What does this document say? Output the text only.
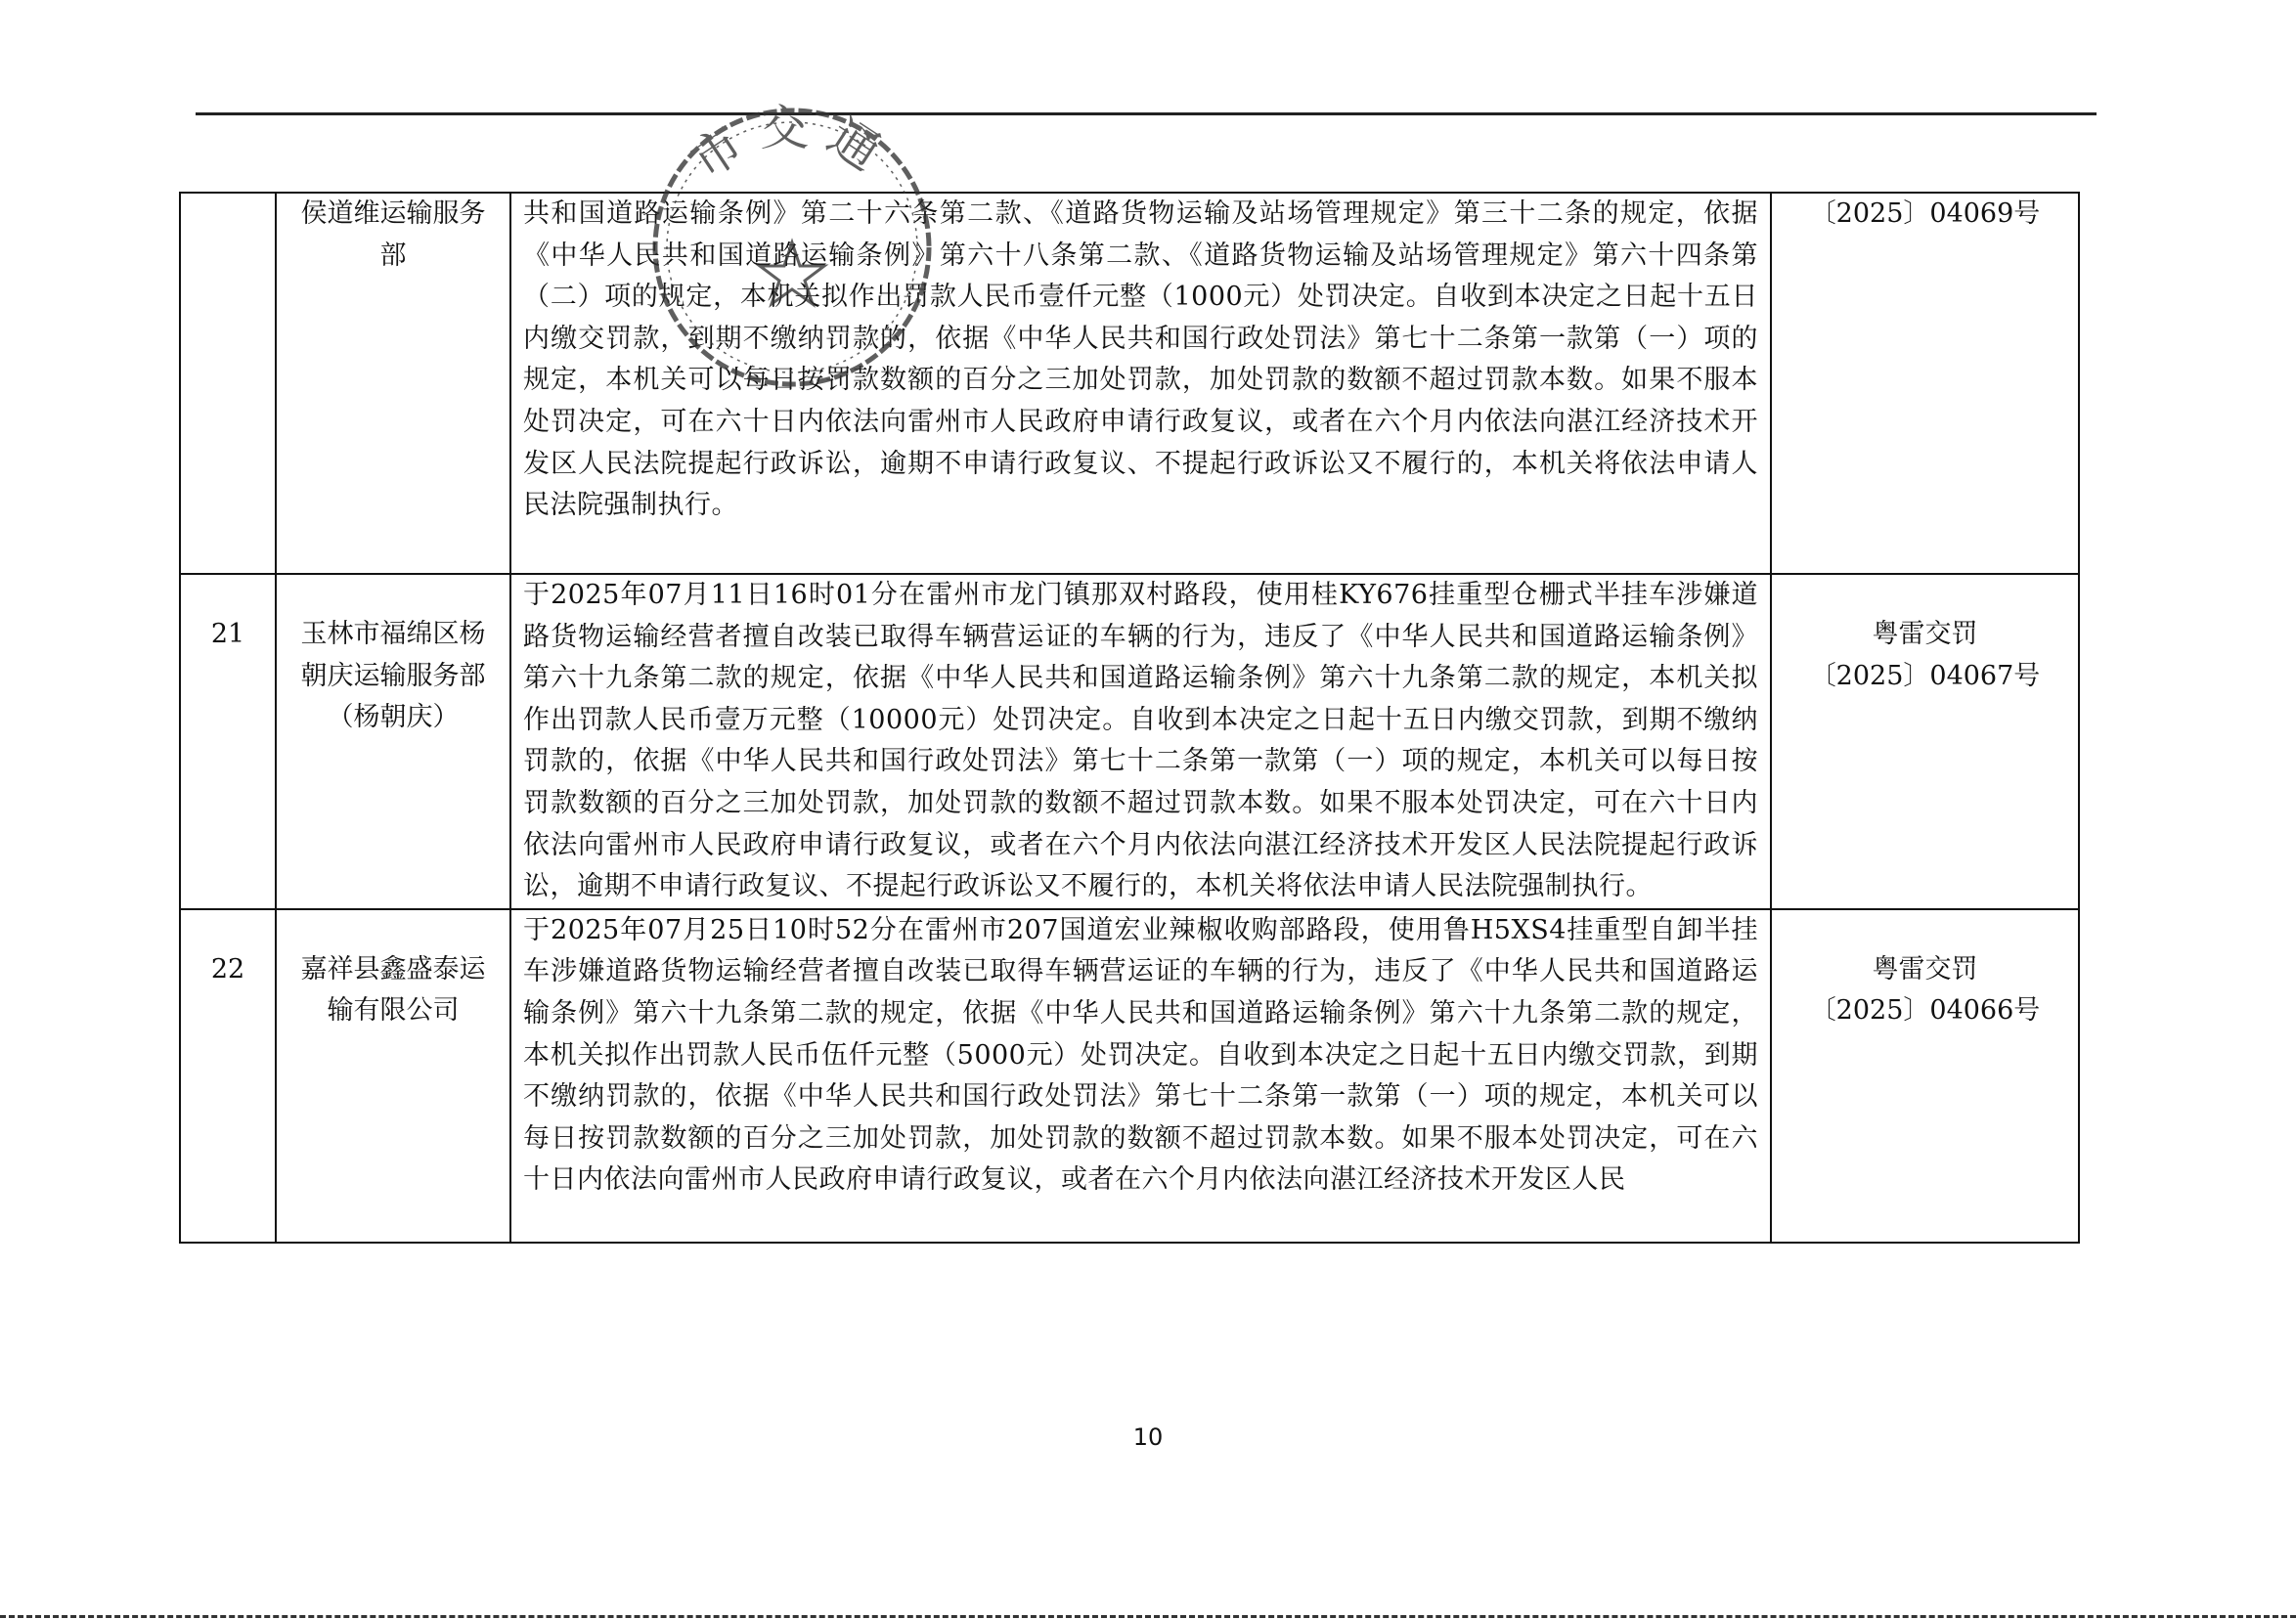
	侯道维运输服务部	共和国道路运输条例》第二十六条第二款、《道路货物运输及站场管理规定》第三十二条的规定，依据《中华人民共和国道路运输条例》第六十八条第二款、《道路货物运输及站场管理规定》第六十四条第（二）项的规定，本机关拟作出罚款人民币壹仟元整（1000元）处罚决定。自收到本决定之日起十五日内缴交罚款，到期不缴纳罚款的，依据《中华人民共和国行政处罚法》第七十二条第一款第（一）项的规定，本机关可以每日按罚款数额的百分之三加处罚款，加处罚款的数额不超过罚款本数。如果不服本处罚决定，可在六十日内依法向雷州市人民政府申请行政复议，或者在六个月内依法向湛江经济技术开发区人民法院提起行政诉讼，逾期不申请行政复议、不提起行政诉讼又不履行的，本机关将依法申请人民法院强制执行。	〔2025〕04069号

21	玉林市福绵区杨朝庆运输服务部（杨朝庆）	于2025年07月11日16时01分在雷州市龙门镇那双村路段，使用桂KY676挂重型仓栅式半挂车涉嫌道路货物运输经营者擅自改装已取得车辆营运证的车辆的行为，违反了《中华人民共和国道路运输条例》第六十九条第二款的规定，依据《中华人民共和国道路运输条例》第六十九条第二款的规定，本机关拟作出罚款人民币壹万元整（10000元）处罚决定。自收到本决定之日起十五日内缴交罚款，到期不缴纳罚款的，依据《中华人民共和国行政处罚法》第七十二条第一款第（一）项的规定，本机关可以每日按罚款数额的百分之三加处罚款，加处罚款的数额不超过罚款本数。如果不服本处罚决定，可在六十日内依法向雷州市人民政府申请行政复议，或者在六个月内依法向湛江经济技术开发区人民法院提起行政诉讼，逾期不申请行政复议、不提起行政诉讼又不履行的，本机关将依法申请人民法院强制执行。	粤雷交罚
〔2025〕04067号

22	嘉祥县鑫盛泰运输有限公司	于2025年07月25日10时52分在雷州市207国道宏业辣椒收购部路段，使用鲁H5XS4挂重型自卸半挂车涉嫌道路货物运输经营者擅自改装已取得车辆营运证的车辆的行为，违反了《中华人民共和国道路运输条例》第六十九条第二款的规定，依据《中华人民共和国道路运输条例》第六十九条第二款的规定，本机关拟作出罚款人民币伍仟元整（5000元）处罚决定。自收到本决定之日起十五日内缴交罚款，到期不缴纳罚款的，依据《中华人民共和国行政处罚法》第七十二条第一款第（一）项的规定，本机关可以每日按罚款数额的百分之三加处罚款，加处罚款的数额不超过罚款本数。如果不服本处罚决定，可在六十日内依法向雷州市人民政府申请行政复议，或者在六个月内依法向湛江经济技术开发区人民	粤雷交罚
〔2025〕04066号
市交通
10
